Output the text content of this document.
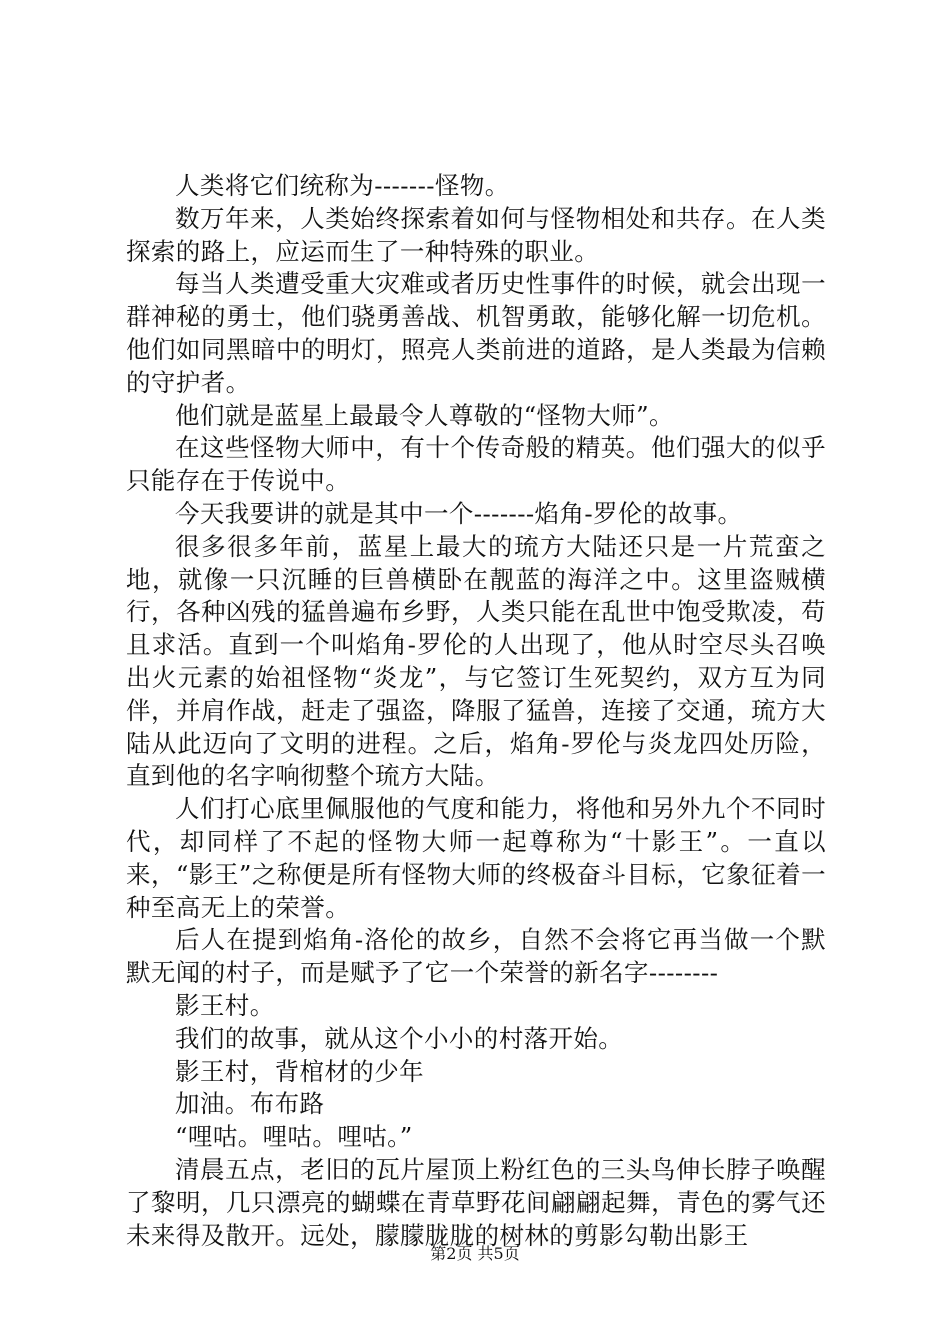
人类将它们统称为-------怪物。

数万年来，人类始终探索着如何与怪物相处和共存。在人类探索的路上，应运而生了一种特殊的职业。

每当人类遭受重大灾难或者历史性事件的时候，就会出现一群神秘的勇士，他们骁勇善战、机智勇敢，能够化解一切危机。他们如同黑暗中的明灯，照亮人类前进的道路，是人类最为信赖的守护者。

他们就是蓝星上最最令人尊敬的“怪物大师”。

在这些怪物大师中，有十个传奇般的精英。他们强大的似乎只能存在于传说中。

今天我要讲的就是其中一个-------焰角-罗伦的故事。

很多很多年前，蓝星上最大的琉方大陆还只是一片荒蛮之地，就像一只沉睡的巨兽横卧在靓蓝的海洋之中。这里盗贼横行，各种凶残的猛兽遍布乡野，人类只能在乱世中饱受欺凌，苟且求活。直到一个叫焰角-罗伦的人出现了，他从时空尽头召唤出火元素的始祖怪物“炎龙”，与它签订生死契约，双方互为同伴，并肩作战，赶走了强盗，降服了猛兽，连接了交通，琉方大陆从此迈向了文明的进程。之后，焰角-罗伦与炎龙四处历险，直到他的名字响彻整个琉方大陆。

人们打心底里佩服他的气度和能力，将他和另外九个不同时代，却同样了不起的怪物大师一起尊称为“十影王”。一直以来，“影王”之称便是所有怪物大师的终极奋斗目标，它象征着一种至高无上的荣誉。

后人在提到焰角-洛伦的故乡，自然不会将它再当做一个默默无闻的村子，而是赋予了它一个荣誉的新名字--------

影王村。

我们的故事，就从这个小小的村落开始。

影王村，背棺材的少年

加油。布布路

“哩咕。哩咕。哩咕。”

清晨五点，老旧的瓦片屋顶上粉红色的三头鸟伸长脖子唤醒了黎明，几只漂亮的蝴蝶在青草野花间翩翩起舞，青色的雾气还未来得及散开。远处，朦朦胧胧的树林的剪影勾勒出影王

第2页 共5页
